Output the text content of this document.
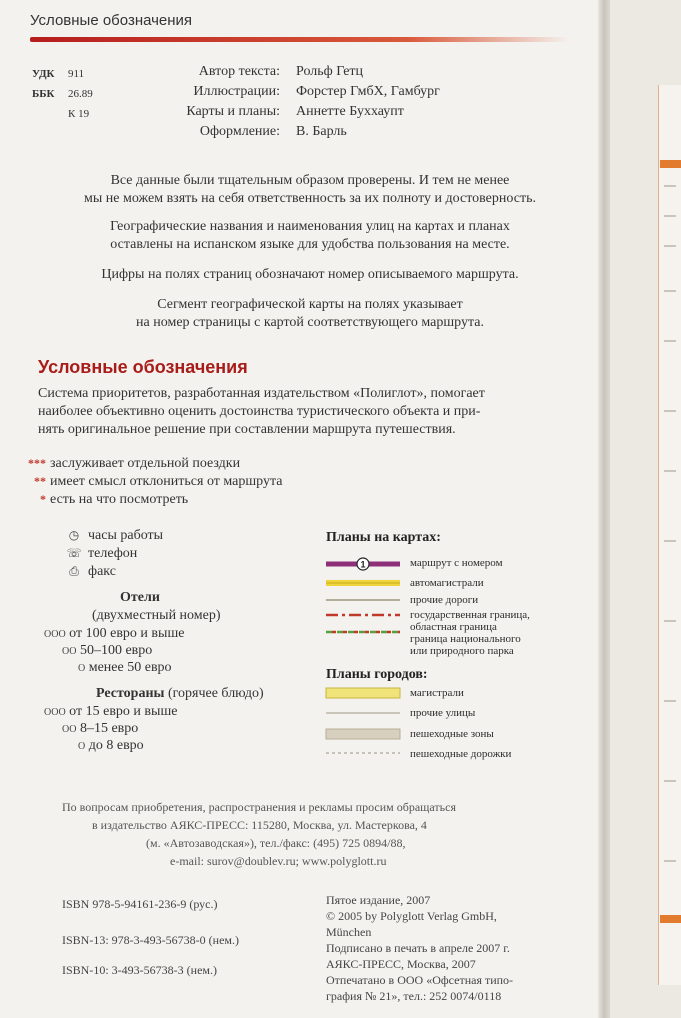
Условные обозначения
УДК 911
ББК 26.89
К 19
Автор текста: Рольф Гетц
Иллюстрации: Форстер ГмбХ, Гамбург
Карты и планы: Аннетте Буххаупт
Оформление: В. Барль
Все данные были тщательным образом проверены. И тем не менее
мы не можем взять на себя ответственность за их полноту и достоверность.
Географические названия и наименования улиц на картах и планах
оставлены на испанском языке для удобства пользования на месте.
Цифры на полях страниц обозначают номер описываемого маршрута.
Сегмент географической карты на полях указывает
на номер страницы с картой соответствующего маршрута.
Условные обозначения
Система приоритетов, разработанная издательством «Полиглот», помогает
наиболее объективно оценить достоинства туристического объекта и при-
нять оригинальное решение при составлении маршрута путешествия.
*** заслуживает отдельной поездки
** имеет смысл отклониться от маршрута
* есть на что посмотреть
◷ часы работы
☏ телефон
⎙ факс
Отели
(двухместный номер)
ООО от 100 евро и выше
ОО 50–100 евро
О менее 50 евро
Рестораны (горячее блюдо)
ООО от 15 евро и выше
ОО 8–15 евро
О до 8 евро
Планы на картах:
1	маршрут с номером
автомагистрали
прочие дороги
государственная граница,
областная граница
граница национального
или природного парка
Планы городов:
магистрали
прочие улицы
пешеходные зоны
пешеходные дорожки
По вопросам приобретения, распространения и рекламы просим обращаться
в издательство АЯКС-ПРЕСС: 115280, Москва, ул. Мастеркова, 4
(м. «Автозаводская»), тел./факс: (495) 725 0894/88,
e-mail: surov@doublev.ru; www.polyglott.ru
ISBN 978-5-94161-236-9 (рус.)
ISBN-13: 978-3-493-56738-0 (нем.)
ISBN-10: 3-493-56738-3 (нем.)
Пятое издание, 2007
© 2005 by Polyglott Verlag GmbH,
München
Подписано в печать в апреле 2007 г.
АЯКС-ПРЕСС, Москва, 2007
Отпечатано в ООО «Офсетная типо-
графия № 21», тел.: 252 0074/0118
